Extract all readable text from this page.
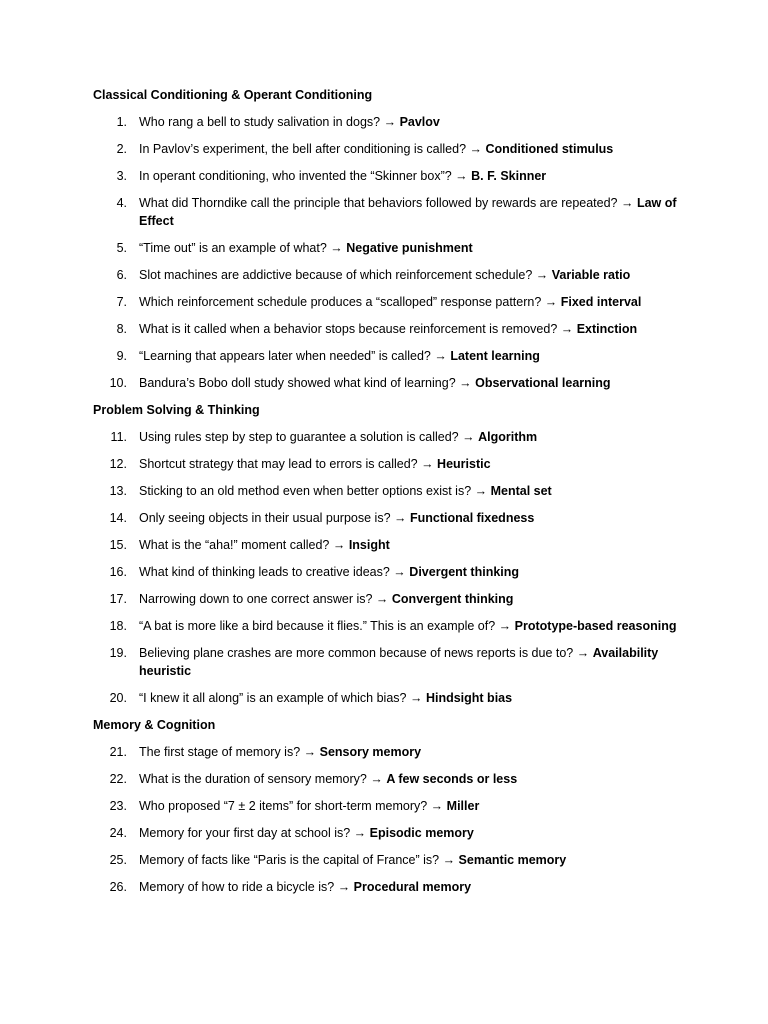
Classical Conditioning & Operant Conditioning
1. Who rang a bell to study salivation in dogs? → Pavlov
2. In Pavlov’s experiment, the bell after conditioning is called? → Conditioned stimulus
3. In operant conditioning, who invented the “Skinner box”? → B. F. Skinner
4. What did Thorndike call the principle that behaviors followed by rewards are repeated? → Law of Effect
5. “Time out” is an example of what? → Negative punishment
6. Slot machines are addictive because of which reinforcement schedule? → Variable ratio
7. Which reinforcement schedule produces a “scalloped” response pattern? → Fixed interval
8. What is it called when a behavior stops because reinforcement is removed? → Extinction
9. “Learning that appears later when needed” is called? → Latent learning
10. Bandura’s Bobo doll study showed what kind of learning? → Observational learning
Problem Solving & Thinking
11. Using rules step by step to guarantee a solution is called? → Algorithm
12. Shortcut strategy that may lead to errors is called? → Heuristic
13. Sticking to an old method even when better options exist is? → Mental set
14. Only seeing objects in their usual purpose is? → Functional fixedness
15. What is the “aha!” moment called? → Insight
16. What kind of thinking leads to creative ideas? → Divergent thinking
17. Narrowing down to one correct answer is? → Convergent thinking
18. “A bat is more like a bird because it flies.” This is an example of? → Prototype-based reasoning
19. Believing plane crashes are more common because of news reports is due to? → Availability heuristic
20. “I knew it all along” is an example of which bias? → Hindsight bias
Memory & Cognition
21. The first stage of memory is? → Sensory memory
22. What is the duration of sensory memory? → A few seconds or less
23. Who proposed “7 ± 2 items” for short-term memory? → Miller
24. Memory for your first day at school is? → Episodic memory
25. Memory of facts like “Paris is the capital of France” is? → Semantic memory
26. Memory of how to ride a bicycle is? → Procedural memory
